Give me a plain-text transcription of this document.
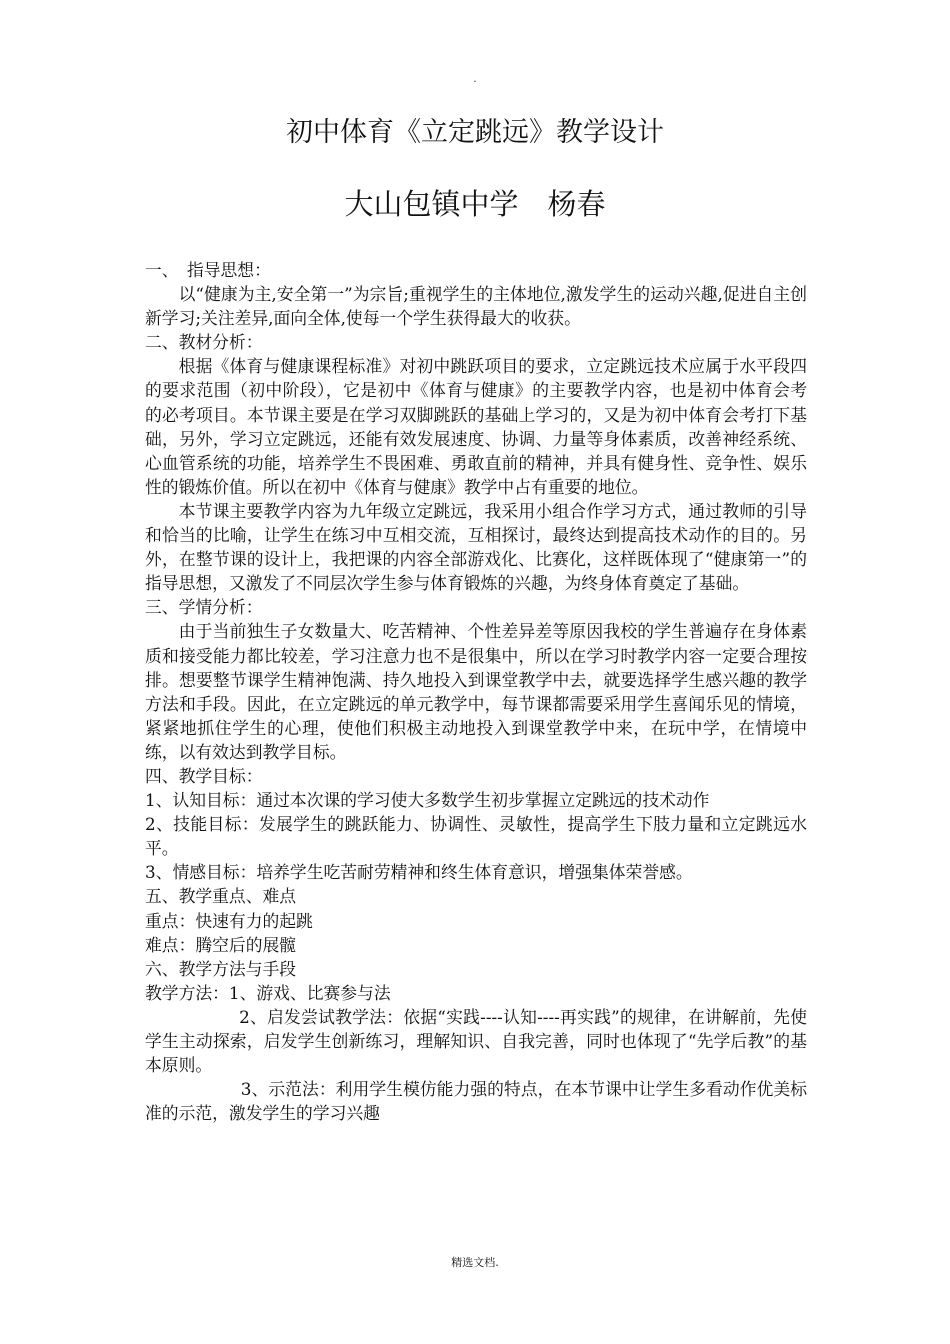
.
初中体育《立定跳远》教学设计
大山包镇中学　杨春

一、　指导思想：

以“健康为主,安全第一”为宗旨;重视学生的主体地位,激发学生的运动兴趣,促进自主创新学习;关注差异,面向全体,使每一个学生获得最大的收获。

二、教材分析：

根据《体育与健康课程标准》对初中跳跃项目的要求，立定跳远技术应属于水平段四的要求范围（初中阶段），它是初中《体育与健康》的主要教学内容，也是初中体育会考的必考项目。本节课主要是在学习双脚跳跃的基础上学习的，又是为初中体育会考打下基础，另外，学习立定跳远，还能有效发展速度、协调、力量等身体素质，改善神经系统、心血管系统的功能，培养学生不畏困难、勇敢直前的精神，并具有健身性、竞争性、娱乐性的锻炼价值。所以在初中《体育与健康》教学中占有重要的地位。

本节课主要教学内容为九年级立定跳远，我采用小组合作学习方式，通过教师的引导和恰当的比喻，让学生在练习中互相交流，互相探讨，最终达到提高技术动作的目的。另外，在整节课的设计上，我把课的内容全部游戏化、比赛化，这样既体现了“健康第一”的指导思想，又激发了不同层次学生参与体育锻炼的兴趣，为终身体育奠定了基础。

三、学情分析：

由于当前独生子女数量大、吃苦精神、个性差异差等原因我校的学生普遍存在身体素质和接受能力都比较差，学习注意力也不是很集中，所以在学习时教学内容一定要合理按排。想要整节课学生精神饱满、持久地投入到课堂教学中去，就要选择学生感兴趣的教学方法和手段。因此，在立定跳远的单元教学中，每节课都需要采用学生喜闻乐见的情境，紧紧地抓住学生的心理，使他们积极主动地投入到课堂教学中来，在玩中学，在情境中练，以有效达到教学目标。

四、教学目标：

1、认知目标：通过本次课的学习使大多数学生初步掌握立定跳远的技术动作

2、技能目标：发展学生的跳跃能力、协调性、灵敏性，提高学生下肢力量和立定跳远水平。

3、情感目标：培养学生吃苦耐劳精神和终生体育意识，增强集体荣誉感。

五、教学重点、难点

重点：快速有力的起跳

难点：腾空后的展髋

六、教学方法与手段

教学方法：1、游戏、比赛参与法

2、启发尝试教学法：依据“实践----认知----再实践”的规律，在讲解前，先使学生主动探索，启发学生创新练习，理解知识、自我完善，同时也体现了“先学后教”的基本原则。

3、示范法：利用学生模仿能力强的特点，在本节课中让学生多看动作优美标准的示范，激发学生的学习兴趣

精选文档.
